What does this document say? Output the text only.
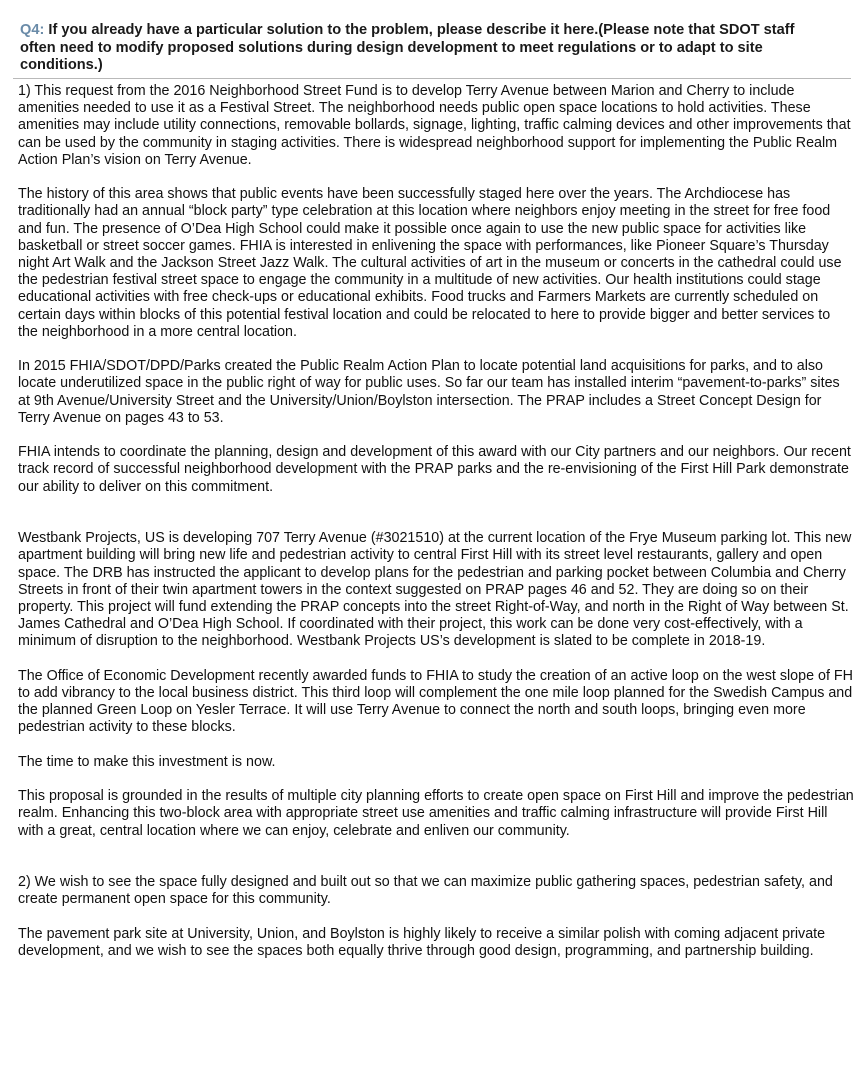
Q4: If you already have a particular solution to the problem, please describe it here.(Please note that SDOT staff often need to modify proposed solutions during design development to meet regulations or to adapt to site conditions.)

1) This request from the 2016 Neighborhood Street Fund is to develop Terry Avenue between Marion and Cherry to include amenities needed to use it as a Festival Street. The neighborhood needs public open space locations to hold activities. These amenities may include utility connections, removable bollards, signage, lighting, traffic calming devices and other improvements that can be used by the community in staging activities. There is widespread neighborhood support for implementing the Public Realm Action Plan’s vision on Terry Avenue.

The history of this area shows that public events have been successfully staged here over the years. The Archdiocese has traditionally had an annual “block party” type celebration at this location where neighbors enjoy meeting in the street for free food and fun. The presence of O’Dea High School could make it possible once again to use the new public space for activities like basketball or street soccer games. FHIA is interested in enlivening the space with performances, like Pioneer Square’s Thursday night Art Walk and the Jackson Street Jazz Walk. The cultural activities of art in the museum or concerts in the cathedral could use the pedestrian festival street space to engage the community in a multitude of new activities. Our health institutions could stage educational activities with free check-ups or educational exhibits. Food trucks and Farmers Markets are currently scheduled on certain days within blocks of this potential festival location and could be relocated to here to provide bigger and better services to the neighborhood in a more central location.

In 2015 FHIA/SDOT/DPD/Parks created the Public Realm Action Plan to locate potential land acquisitions for parks, and to also locate underutilized space in the public right of way for public uses. So far our team has installed interim “pavement-to-parks” sites at 9th Avenue/University Street and the University/Union/Boylston intersection. The PRAP includes a Street Concept Design for Terry Avenue on pages 43 to 53.

FHIA intends to coordinate the planning, design and development of this award with our City partners and our neighbors. Our recent track record of successful neighborhood development with the PRAP parks and the re-envisioning of the First Hill Park demonstrate our ability to deliver on this commitment.

Westbank Projects, US is developing 707 Terry Avenue (#3021510) at the current location of the Frye Museum parking lot. This new apartment building will bring new life and pedestrian activity to central First Hill with its street level restaurants, gallery and open space. The DRB has instructed the applicant to develop plans for the pedestrian and parking pocket between Columbia and Cherry Streets in front of their twin apartment towers in the context suggested on PRAP pages 46 and 52. They are doing so on their property. This project will fund extending the PRAP concepts into the street Right-of-Way, and north in the Right of Way between St. James Cathedral and O’Dea High School. If coordinated with their project, this work can be done very cost-effectively, with a minimum of disruption to the neighborhood. Westbank Projects US’s development is slated to be complete in 2018-19.

The Office of Economic Development recently awarded funds to FHIA to study the creation of an active loop on the west slope of FH to add vibrancy to the local business district. This third loop will complement the one mile loop planned for the Swedish Campus and the planned Green Loop on Yesler Terrace. It will use Terry Avenue to connect the north and south loops, bringing even more pedestrian activity to these blocks.

The time to make this investment is now.

This proposal is grounded in the results of multiple city planning efforts to create open space on First Hill and improve the pedestrian realm. Enhancing this two-block area with appropriate street use amenities and traffic calming infrastructure will provide First Hill with a great, central location where we can enjoy, celebrate and enliven our community.

2) We wish to see the space fully designed and built out so that we can maximize public gathering spaces, pedestrian safety, and create permanent open space for this community.

The pavement park site at University, Union, and Boylston is highly likely to receive a similar polish with coming adjacent private development, and we wish to see the spaces both equally thrive through good design, programming, and partnership building.
